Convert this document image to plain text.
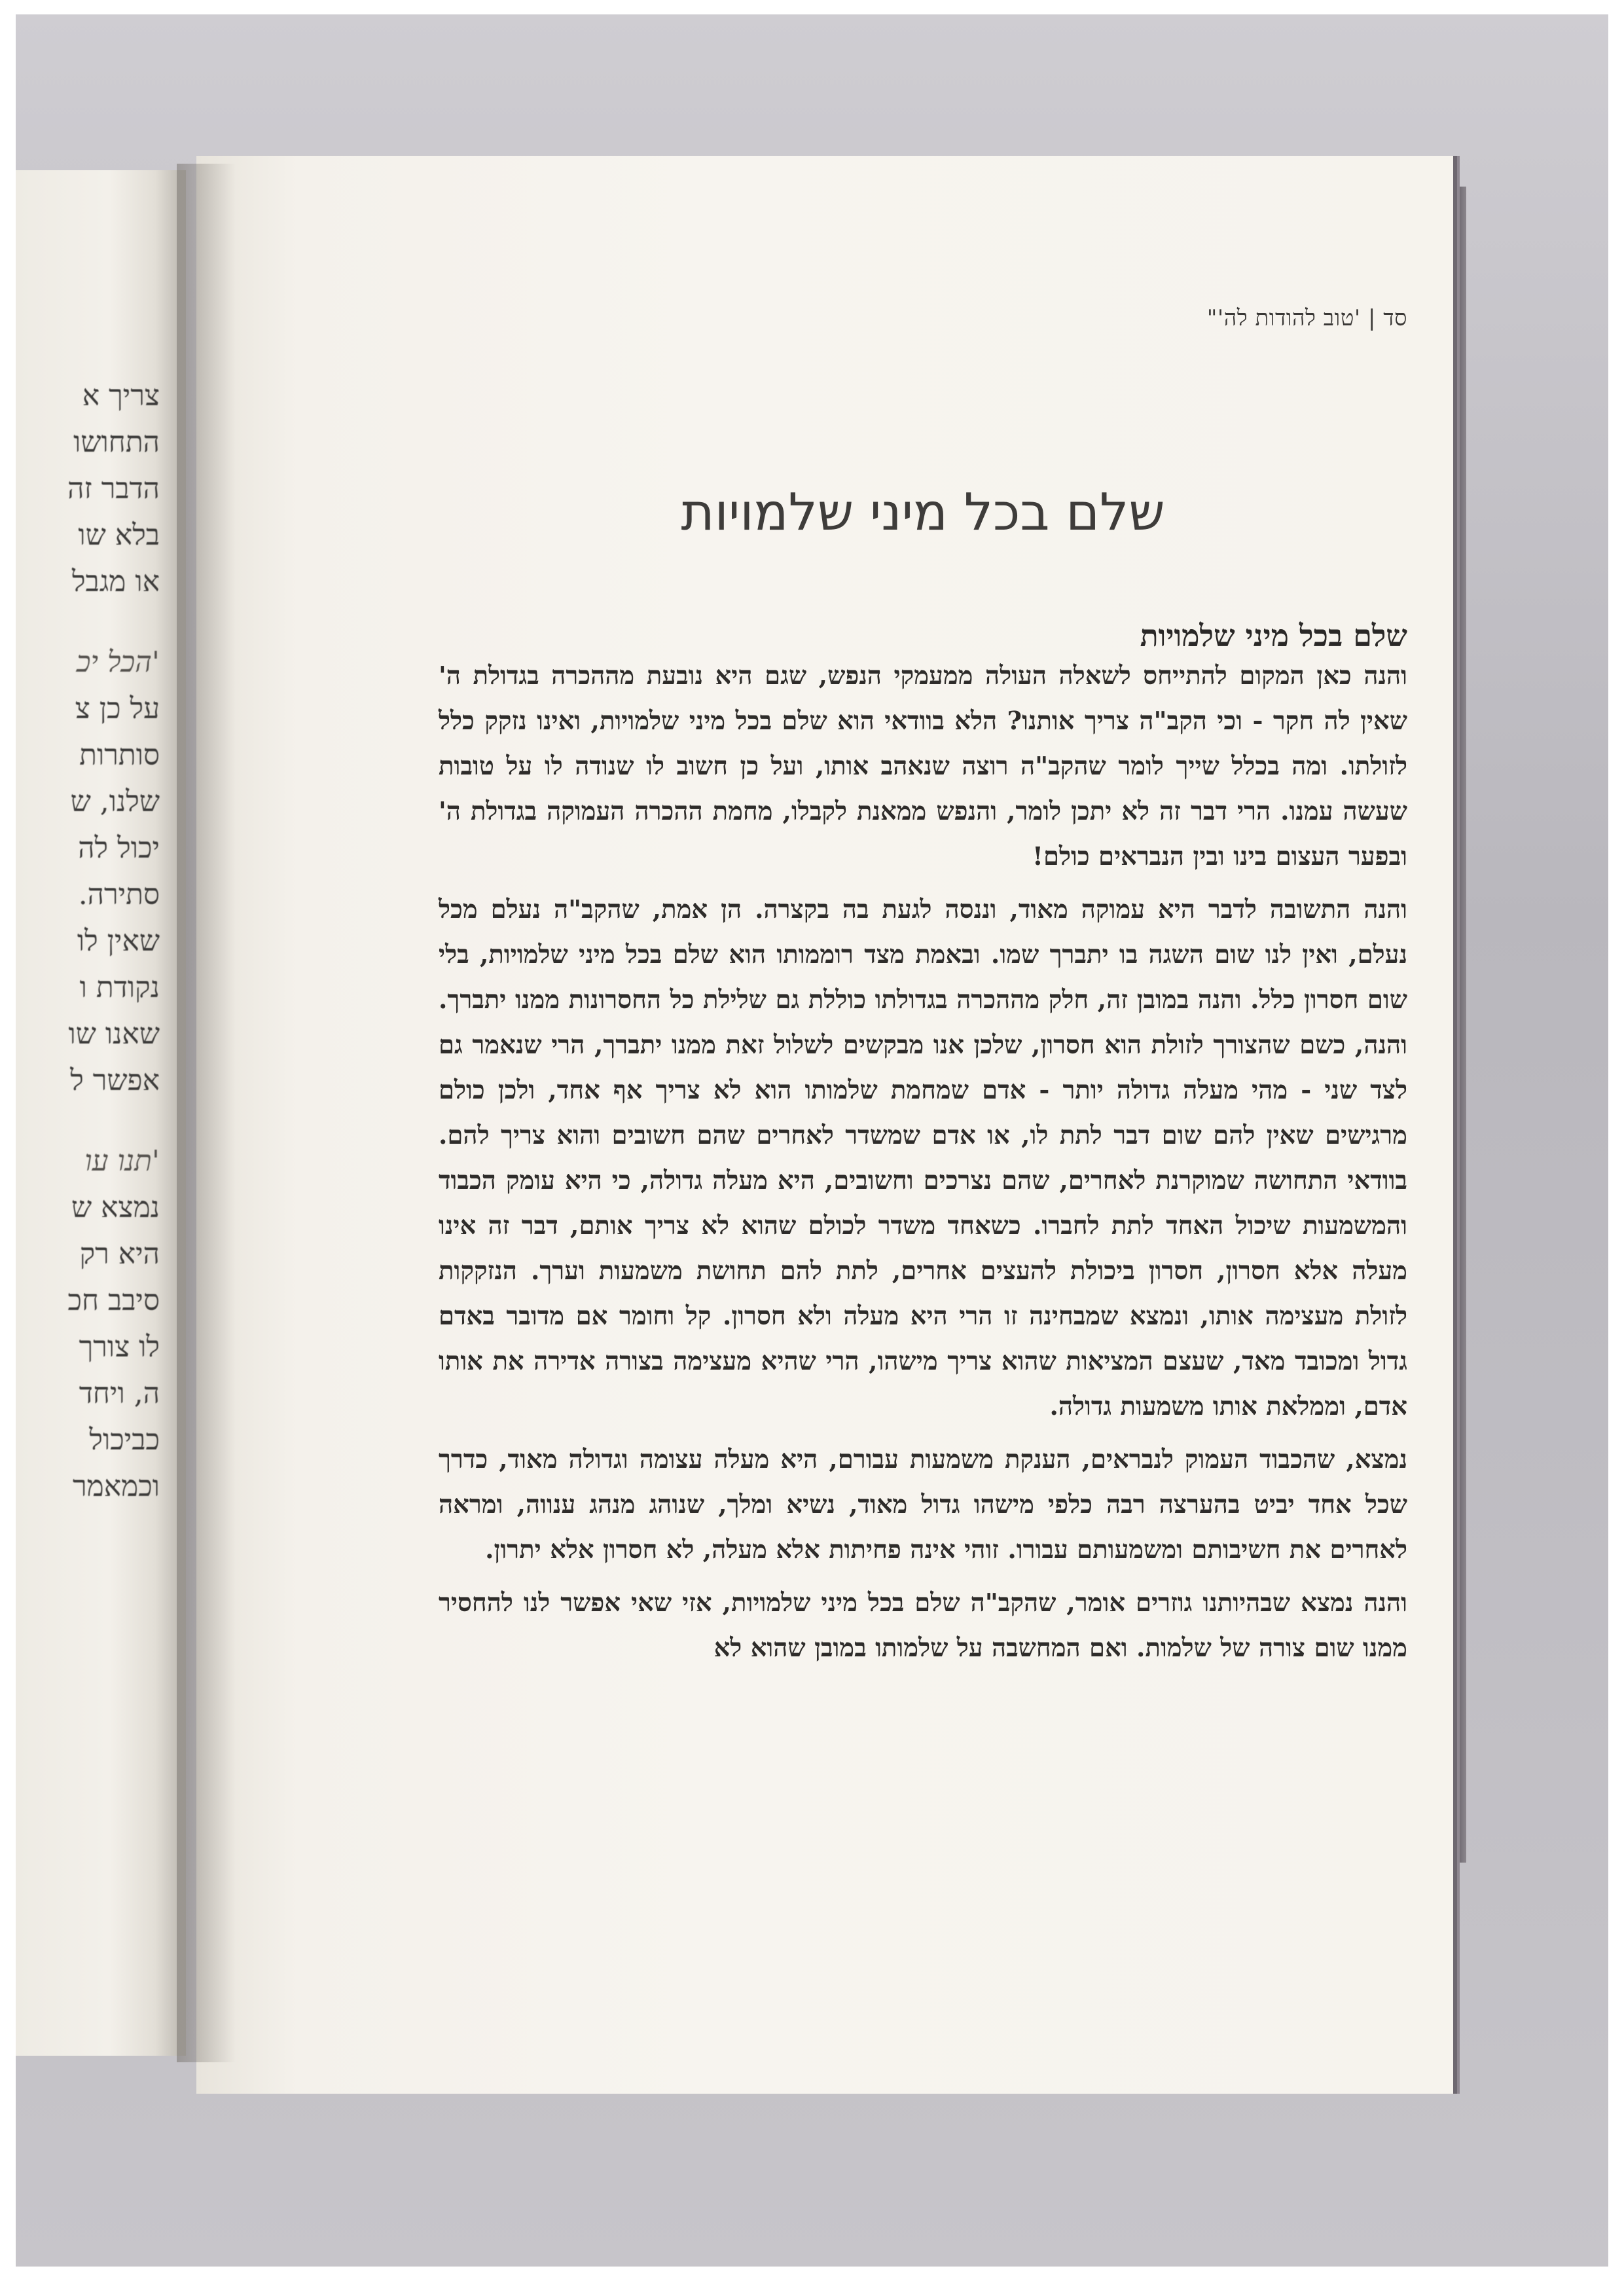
צריך א
התחושו
הדבר זה
בלא שו
או מגבל
'הכל יכ
על כן צ
סותרות
שלנו, ש
יכול לה
סתירה.
שאין לו
נקודת ו
שאנו שו
אפשר ל
'תנו עו
נמצא ש
היא רק
סיבב חכ
לו צורך
ה, ויחד
כביכול
וכמאמר
סד | 'טוב להודות לה'"
שלם בכל מיני שלמויות
שלם בכל מיני שלמויות

והנה כאן המקום להתייחס לשאלה העולה ממעמקי הנפש, שגם היא נובעת מההכרה בגדולת ה' שאין לה חקר - וכי הקב"ה צריך אותנו? הלא בוודאי הוא שלם בכל מיני שלמויות, ואינו נזקק כלל לזולתו. ומה בכלל שייך לומר שהקב"ה רוצה שנאהב אותו, ועל כן חשוב לו שנודה לו על טובות שעשה עמנו. הרי דבר זה לא יתכן לומר, והנפש ממאנת לקבלו, מחמת ההכרה העמוקה בגדולת ה' ובפער העצום בינו ובין הנבראים כולם!

והנה התשובה לדבר היא עמוקה מאוד, וננסה לגעת בה בקצרה. הן אמת, שהקב"ה נעלם מכל נעלם, ואין לנו שום השגה בו יתברך שמו. ובאמת מצד רוממותו הוא שלם בכל מיני שלמויות, בלי שום חסרון כלל. והנה במובן זה, חלק מההכרה בגדולתו כוללת גם שלילת כל החסרונות ממנו יתברך. והנה, כשם שהצורך לזולת הוא חסרון, שלכן אנו מבקשים לשלול זאת ממנו יתברך, הרי שנאמר גם לצד שני - מהי מעלה גדולה יותר - אדם שמחמת שלמותו הוא לא צריך אף אחד, ולכן כולם מרגישים שאין להם שום דבר לתת לו, או אדם שמשדר לאחרים שהם חשובים והוא צריך להם. בוודאי התחושה שמוקרנת לאחרים, שהם נצרכים וחשובים, היא מעלה גדולה, כי היא עומק הכבוד והמשמעות שיכול האחד לתת לחברו. כשאחד משדר לכולם שהוא לא צריך אותם, דבר זה אינו מעלה אלא חסרון, חסרון ביכולת להעצים אחרים, לתת להם תחושת משמעות וערך. הנזקקות לזולת מעצימה אותו, ונמצא שמבחינה זו הרי היא מעלה ולא חסרון. קל וחומר אם מדובר באדם גדול ומכובד מאד, שעצם המציאות שהוא צריך מישהו, הרי שהיא מעצימה בצורה אדירה את אותו אדם, וממלאת אותו משמעות גדולה.

נמצא, שהכבוד העמוק לנבראים, הענקת משמעות עבורם, היא מעלה עצומה וגדולה מאוד, כדרך שכל אחד יביט בהערצה רבה כלפי מישהו גדול מאוד, נשיא ומלך, שנוהג מנהג ענווה, ומראה לאחרים את חשיבותם ומשמעותם עבורו. זוהי אינה פחיתות אלא מעלה, לא חסרון אלא יתרון.

והנה נמצא שבהיותנו גוזרים אומר, שהקב"ה שלם בכל מיני שלמויות, אזי שאי אפשר לנו להחסיר ממנו שום צורה של שלמות. ואם המחשבה על שלמותו במובן שהוא לא
